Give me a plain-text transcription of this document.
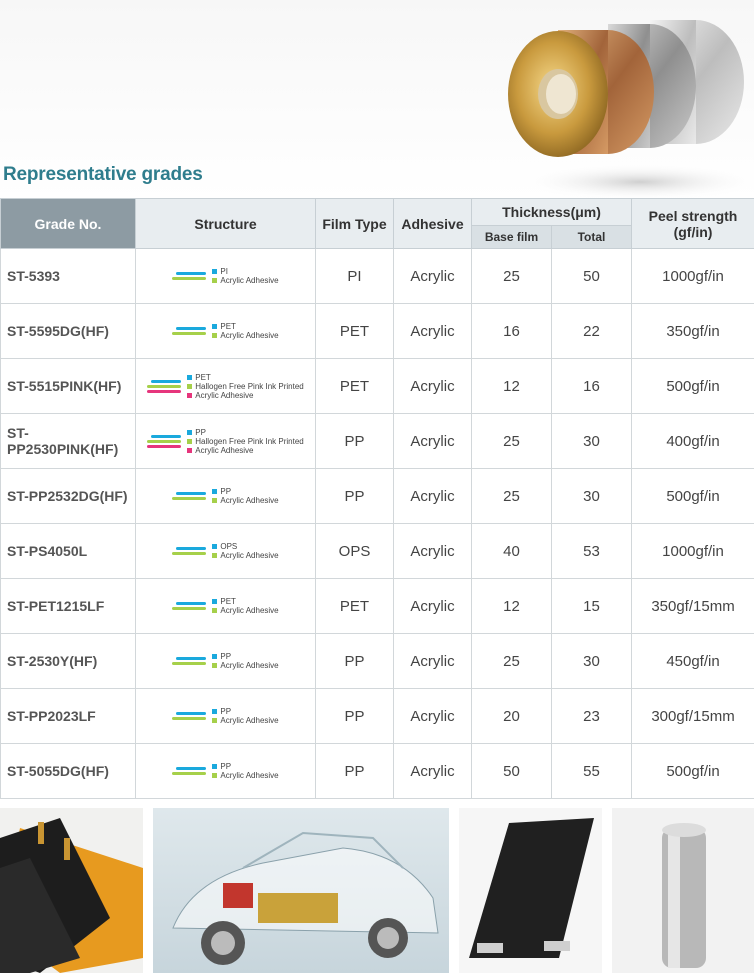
Representative grades
Grade No.	Structure	Film Type	Adhesive	Thickness(μm)		Peel strength
(gf/in)

				Base film	Total	
ST-5393	PI
Acrylic Adhesive	PI	Acrylic	25	50	1000gf/in
ST-5595DG(HF)	PET
Acrylic Adhesive	PET	Acrylic	16	22	350gf/in
ST-5515PINK(HF)	PET
Hallogen Free Pink Ink Printed
Acrylic Adhesive	PET	Acrylic	12	16	500gf/in
ST-PP2530PINK(HF)	PP
Hallogen Free Pink Ink Printed
Acrylic Adhesive	PP	Acrylic	25	30	400gf/in
ST-PP2532DG(HF)	PP
Acrylic Adhesive	PP	Acrylic	25	30	500gf/in
ST-PS4050L	OPS
Acrylic Adhesive	OPS	Acrylic	40	53	1000gf/in
ST-PET1215LF	PET
Acrylic Adhesive	PET	Acrylic	12	15	350gf/15mm
ST-2530Y(HF)	PP
Acrylic Adhesive	PP	Acrylic	25	30	450gf/in
ST-PP2023LF	PP
Acrylic Adhesive	PP	Acrylic	20	23	300gf/15mm
ST-5055DG(HF)	PP
Acrylic Adhesive	PP	Acrylic	50	55	500gf/in
